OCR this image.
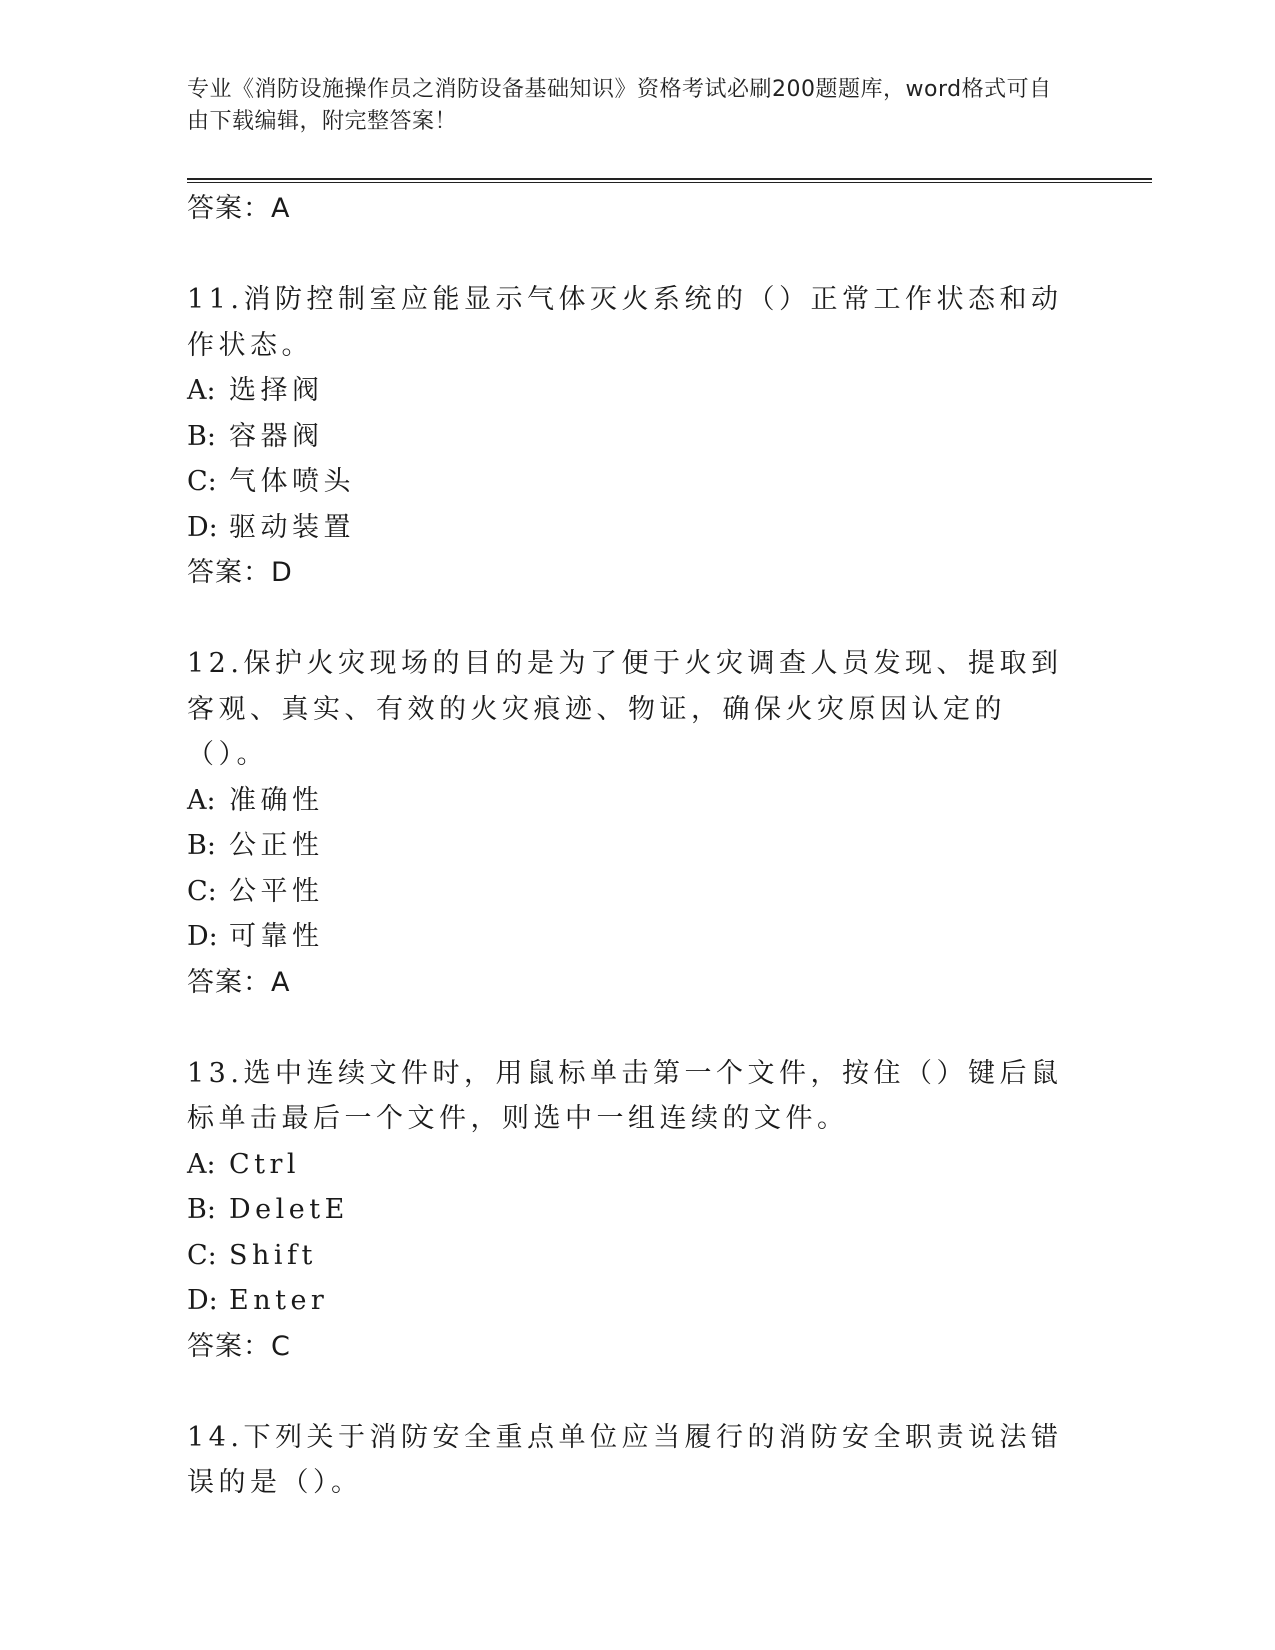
专业《消防设施操作员之消防设备基础知识》资格考试必刷200题题库，word格式可自由下载编辑，附完整答案！
答案：A
11.消防控制室应能显示气体灭火系统的（）正常工作状态和动作状态。
A: 选择阀
B: 容器阀
C: 气体喷头
D: 驱动装置
答案：D
12.保护火灾现场的目的是为了便于火灾调查人员发现、提取到客观、真实、有效的火灾痕迹、物证，确保火灾原因认定的（）。
A: 准确性
B: 公正性
C: 公平性
D: 可靠性
答案：A
13.选中连续文件时，用鼠标单击第一个文件，按住（）键后鼠标单击最后一个文件，则选中一组连续的文件。
A: Ctrl
B: DeletE
C: Shift
D: Enter
答案：C
14.下列关于消防安全重点单位应当履行的消防安全职责说法错误的是（）。
